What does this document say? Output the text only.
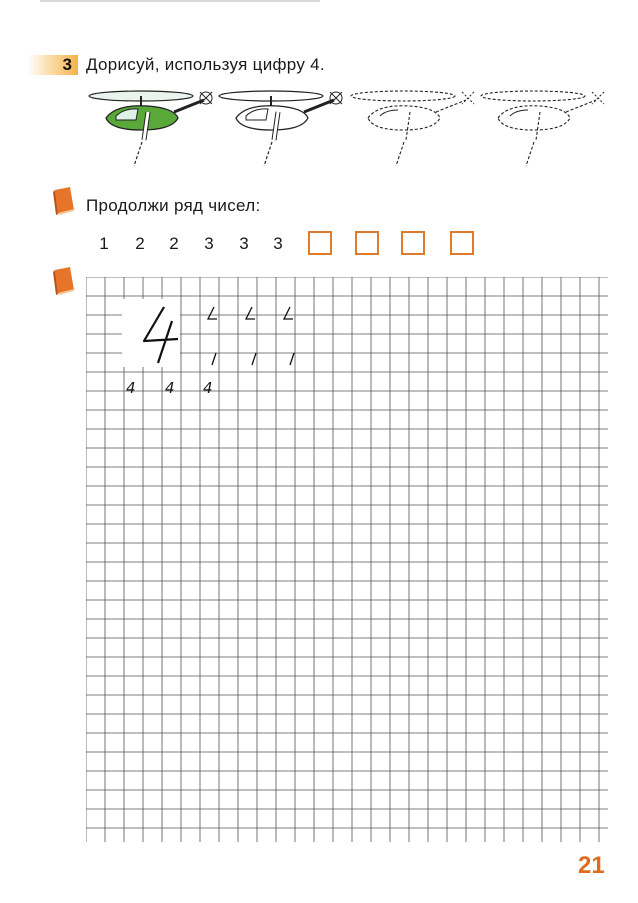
3 Дорисуй, используя цифру 4.
Продолжи ряд чисел:
1 2 2 3 3 3
4 4 4
21
